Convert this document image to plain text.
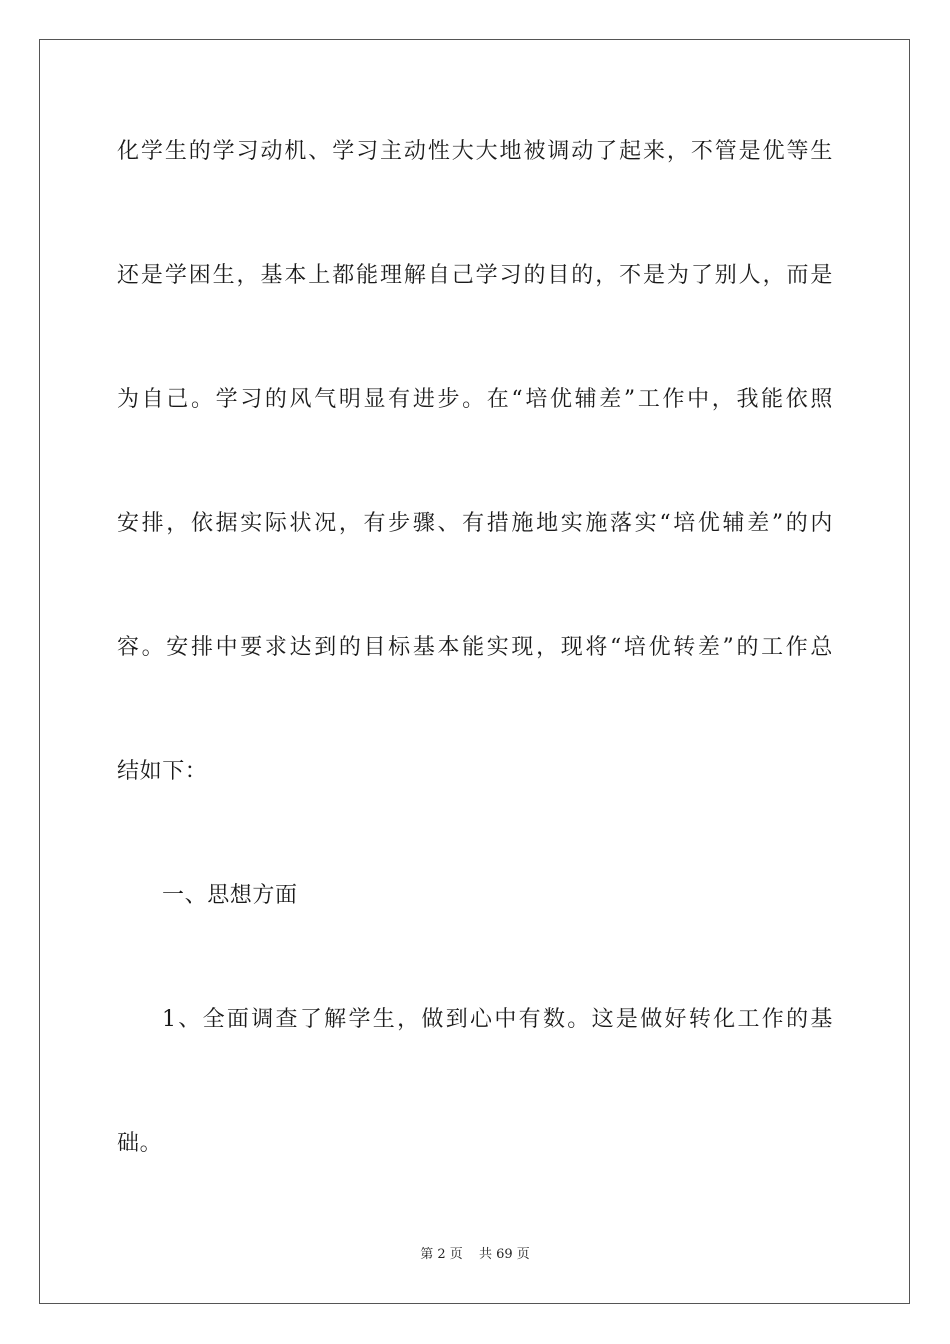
化学生的学习动机、学习主动性大大地被调动了起来，不管是优等生
还是学困生，基本上都能理解自己学习的目的，不是为了别人，而是
为自己。学习的风气明显有进步。在“培优辅差”工作中，我能依照
安排，依据实际状况，有步骤、有措施地实施落实“培优辅差”的内
容。安排中要求达到的目标基本能实现，现将“培优转差”的工作总
结如下：
一、思想方面
1、全面调查了解学生，做到心中有数。这是做好转化工作的基
础。
第 2 页 共 69 页
